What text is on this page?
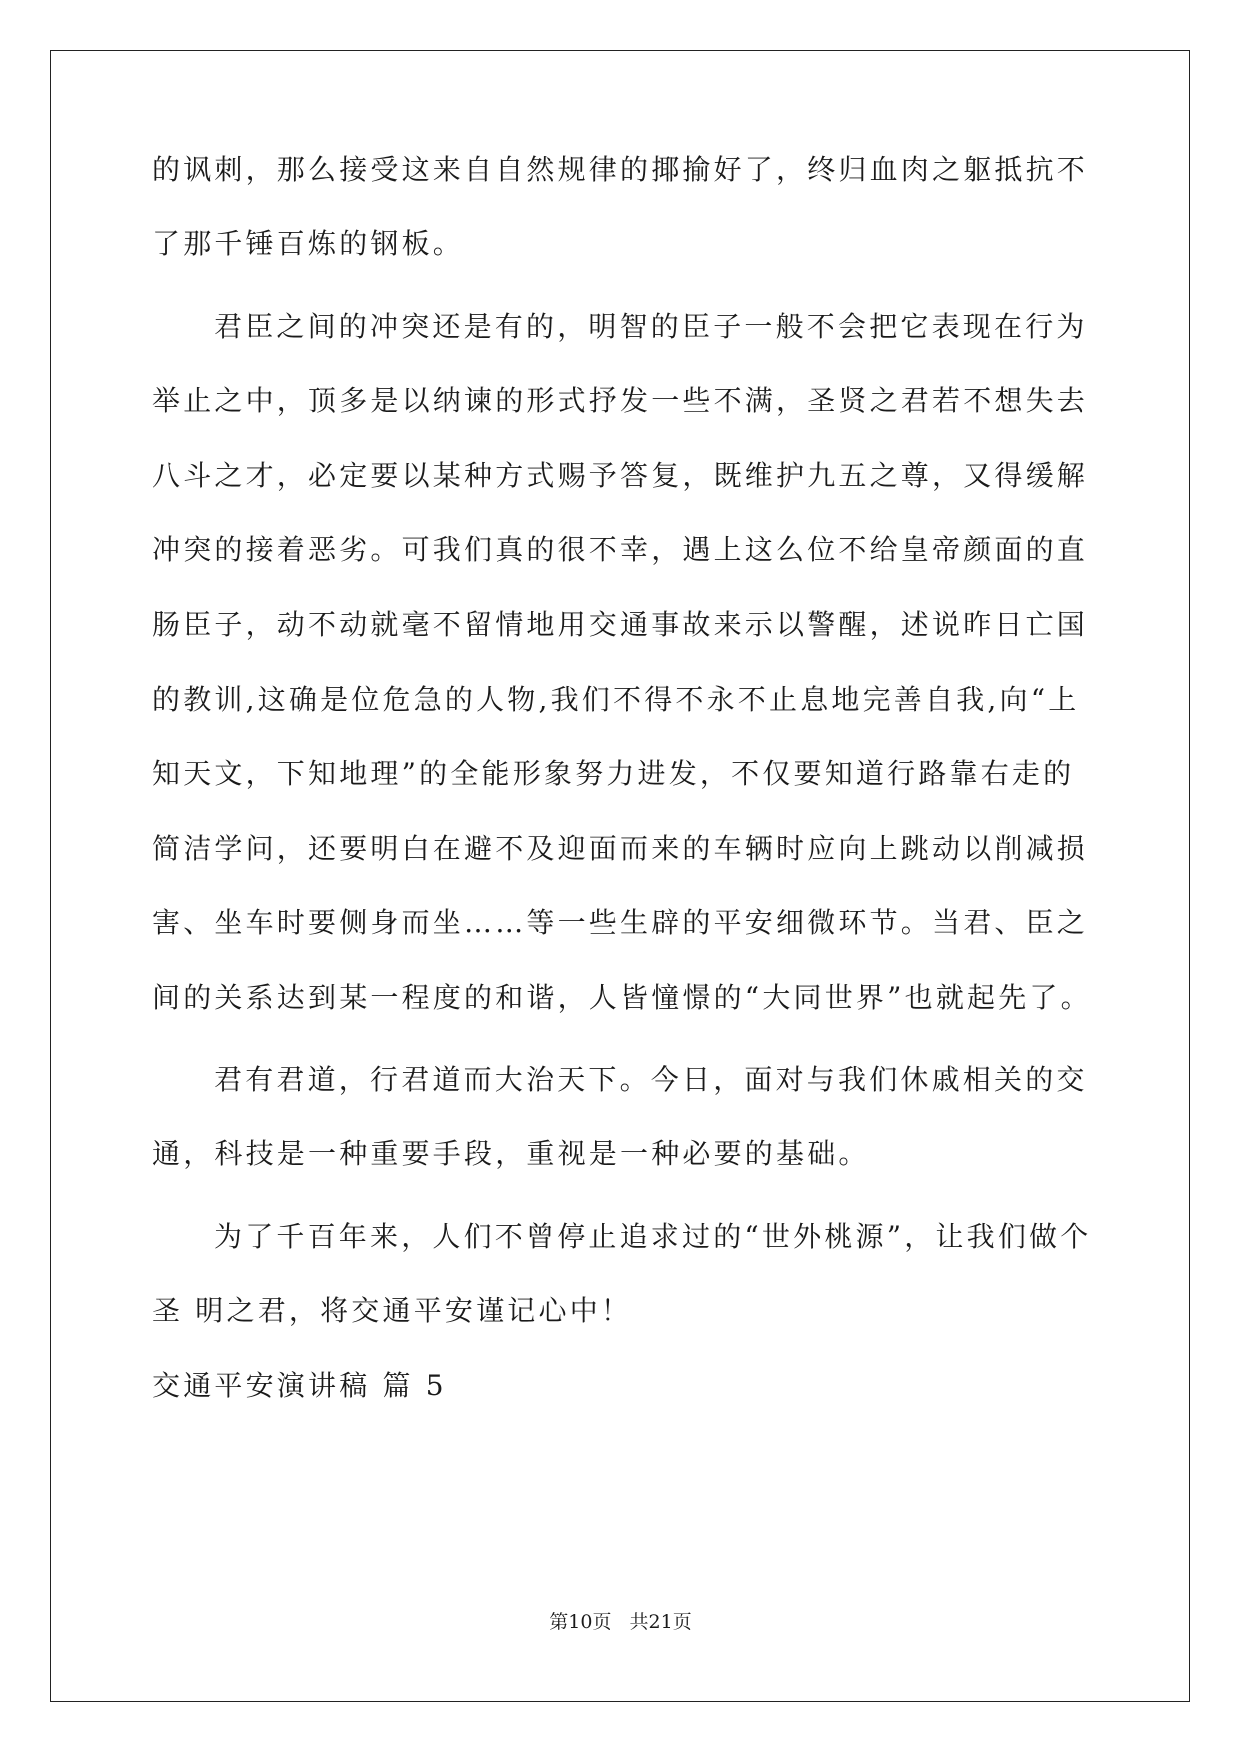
的讽刺，那么接受这来自自然规律的揶揄好了，终归血肉之躯抵抗不
了那千锤百炼的钢板。
君臣之间的冲突还是有的，明智的臣子一般不会把它表现在行为
举止之中，顶多是以纳谏的形式抒发一些不满，圣贤之君若不想失去
八斗之才，必定要以某种方式赐予答复，既维护九五之尊，又得缓解
冲突的接着恶劣。可我们真的很不幸，遇上这么位不给皇帝颜面的直
肠臣子，动不动就毫不留情地用交通事故来示以警醒，述说昨日亡国
的教训,这确是位危急的人物,我们不得不永不止息地完善自我,向“上
知天文，下知地理”的全能形象努力进发，不仅要知道行路靠右走的
简洁学问，还要明白在避不及迎面而来的车辆时应向上跳动以削减损
害、坐车时要侧身而坐……等一些生辟的平安细微环节。当君、臣之
间的关系达到某一程度的和谐，人皆憧憬的“大同世界”也就起先了。
君有君道，行君道而大治天下。今日，面对与我们休戚相关的交
通，科技是一种重要手段，重视是一种必要的基础。
为了千百年来，人们不曾停止追求过的“世外桃源”，让我们做个
圣 明之君，将交通平安谨记心中！
交通平安演讲稿 篇 5
第10页 共21页
